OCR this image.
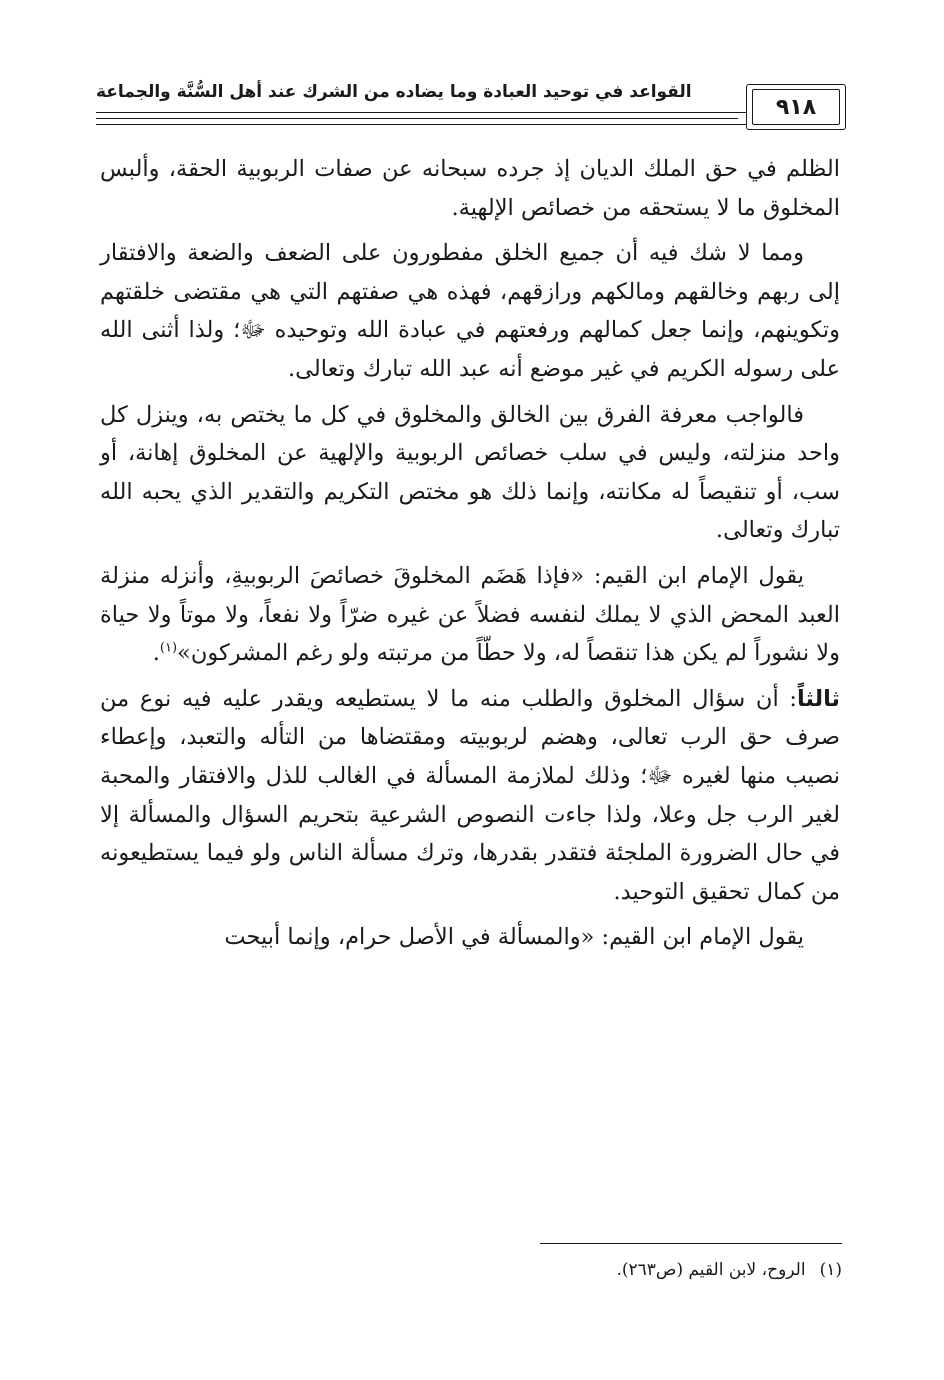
٩١٨
القواعد في توحيد العبادة وما يضاده من الشرك عند أهل السُّنَّة والجماعة

الظلم في حق الملك الديان إذ جرده سبحانه عن صفات الربوبية الحقة، وألبس المخلوق ما لا يستحقه من خصائص الإلهية.

ومما لا شك فيه أن جميع الخلق مفطورون على الضعف والضعة والافتقار إلى ربهم وخالقهم ومالكهم ورازقهم، فهذه هي صفتهم التي هي مقتضى خلقتهم وتكوينهم، وإنما جعل كمالهم ورفعتهم في عبادة الله وتوحيده ﷻ؛ ولذا أثنى الله على رسوله الكريم في غير موضع أنه عبد الله تبارك وتعالى.

فالواجب معرفة الفرق بين الخالق والمخلوق في كل ما يختص به، وينزل كل واحد منزلته، وليس في سلب خصائص الربوبية والإلهية عن المخلوق إهانة، أو سب، أو تنقيصاً له مكانته، وإنما ذلك هو مختص التكريم والتقدير الذي يحبه الله تبارك وتعالى.

يقول الإمام ابن القيم: «فإذا هَضَم المخلوقَ خصائصَ الربوبيةِ، وأنزله منزلة العبد المحض الذي لا يملك لنفسه فضلاً عن غيره ضرّاً ولا نفعاً، ولا موتاً ولا حياة ولا نشوراً لم يكن هذا تنقصاً له، ولا حطّاً من مرتبته ولو رغم المشركون»$^{(١)}$.

ثالثاً: أن سؤال المخلوق والطلب منه ما لا يستطيعه ويقدر عليه فيه نوع من صرف حق الرب تعالى، وهضم لربوبيته ومقتضاها من التأله والتعبد، وإعطاء نصيب منها لغيره ﷻ؛ وذلك لملازمة المسألة في الغالب للذل والافتقار والمحبة لغير الرب جل وعلا، ولذا جاءت النصوص الشرعية بتحريم السؤال والمسألة إلا في حال الضرورة الملجئة فتقدر بقدرها، وترك مسألة الناس ولو فيما يستطيعونه من كمال تحقيق التوحيد.

يقول الإمام ابن القيم: «والمسألة في الأصل حرام، وإنما أبيحت

(١)الروح، لابن القيم (ص٢٦٣).
